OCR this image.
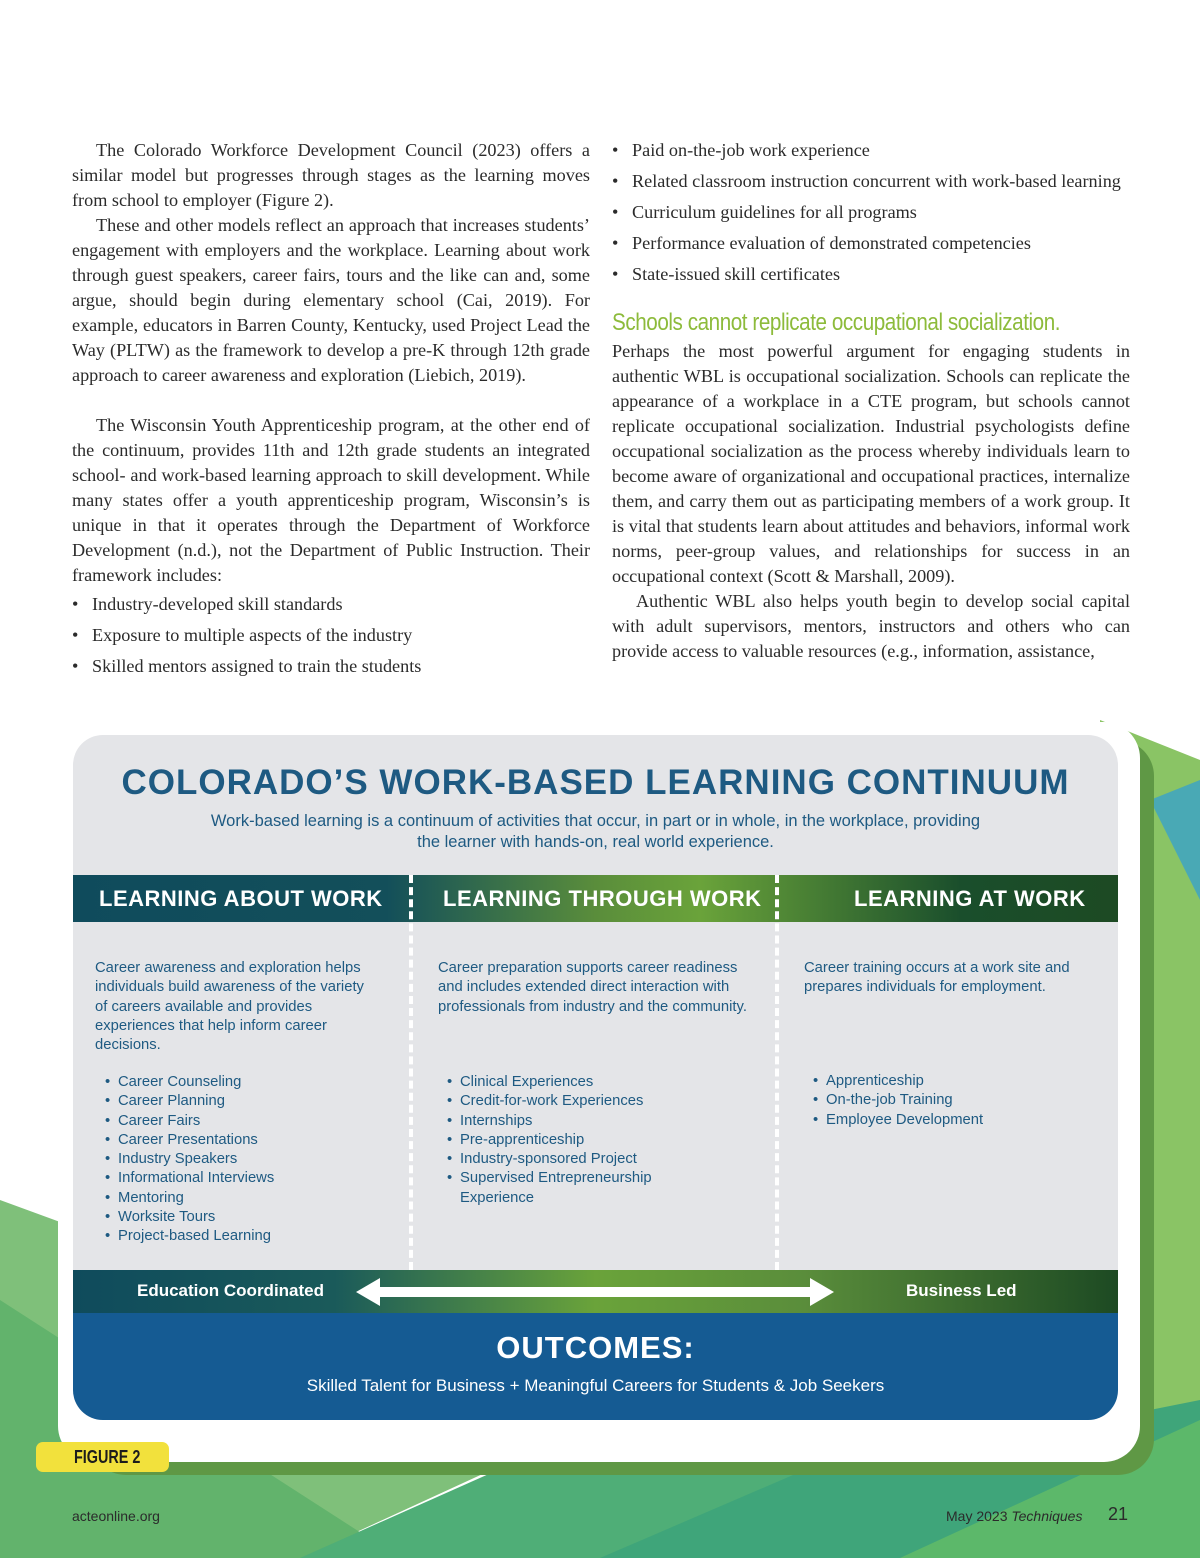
The Colorado Workforce Development Council (2023) offers a similar model but progresses through stages as the learning moves from school to employer (Figure 2).

These and other models reflect an approach that increases students’ engagement with employers and the workplace. Learning about work through guest speakers, career fairs, tours and the like can and, some argue, should begin during elementary school (Cai, 2019). For example, educators in Barren County, Kentucky, used Project Lead the Way (PLTW) as the framework to develop a pre-K through 12th grade approach to career awareness and exploration (Liebich, 2019).

The Wisconsin Youth Apprenticeship program, at the other end of the continuum, provides 11th and 12th grade students an integrated school- and work-based learning approach to skill development. While many states offer a youth apprenticeship program, Wisconsin’s is unique in that it operates through the Department of Workforce Development (n.d.), not the Department of Public Instruction. Their framework includes:

• Industry-developed skill standards
• Exposure to multiple aspects of the industry
• Skilled mentors assigned to train the students
• Paid on-the-job work experience
• Related classroom instruction concurrent with work-based learning
• Curriculum guidelines for all programs
• Performance evaluation of demonstrated competencies
• State-issued skill certificates
Schools cannot replicate occupational socialization.

Perhaps the most powerful argument for engaging students in authentic WBL is occupational socialization. Schools can replicate the appearance of a workplace in a CTE program, but schools cannot replicate occupational socialization. Industrial psychologists define occupational socialization as the process whereby individuals learn to become aware of organizational and occupational practices, internalize them, and carry them out as participating members of a work group. It is vital that students learn about attitudes and behaviors, informal work norms, peer-group values, and relationships for success in an occupational context (Scott & Marshall, 2009).

Authentic WBL also helps youth begin to develop social capital with adult supervisors, mentors, instructors and others who can provide access to valuable resources (e.g., information, assistance,

COLORADO’S WORK-BASED LEARNING CONTINUUM
Work-based learning is a continuum of activities that occur, in part or in whole, in the workplace, providing the learner with hands-on, real world experience.
LEARNING ABOUT WORK	LEARNING THROUGH WORK	LEARNING AT WORK
Career awareness and exploration helps individuals build awareness of the variety of careers available and provides experiences that help inform career decisions.
• Career Counseling
• Career Planning
• Career Fairs
• Career Presentations
• Industry Speakers
• Informational Interviews
• Mentoring
• Worksite Tours
• Project-based Learning
Career preparation supports career readiness and includes extended direct interaction with professionals from industry and the community.
• Clinical Experiences
• Credit-for-work Experiences
• Internships
• Pre-apprenticeship
• Industry-sponsored Project
• Supervised Entrepreneurship Experience
Career training occurs at a work site and prepares individuals for employment.
• Apprenticeship
• On-the-job Training
• Employee Development
Education Coordinated	Business Led
OUTCOMES:
Skilled Talent for Business + Meaningful Careers for Students & Job Seekers
FIGURE 2
acteonline.org	May 2023 Techniques 21
